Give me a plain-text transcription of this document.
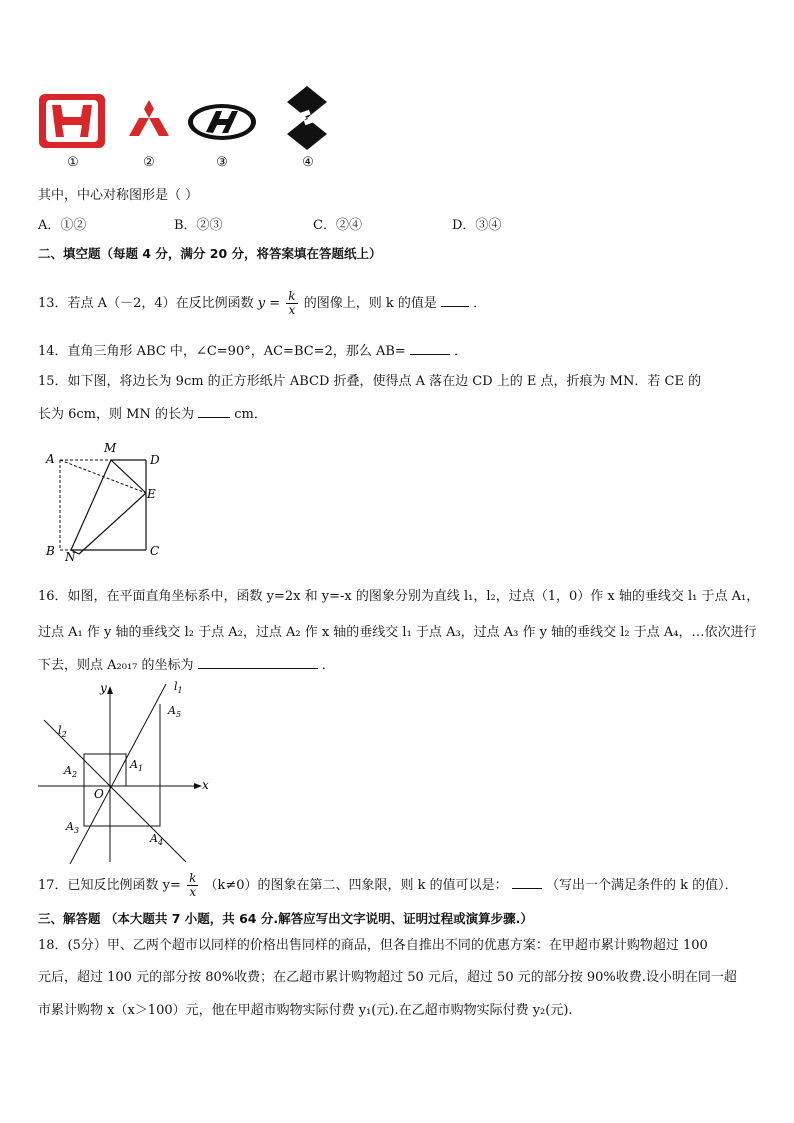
①	②	③	④
其中，中心对称图形是（ ）
A．①②	B．②③	C．②④	D．③④
二、填空题（每题 4 分，满分 20 分，将答案填在答题纸上）
13．若点 A（－2，4）在反比例函数 $y = \frac{k}{x}$ 的图像上，则 k 的值是	．
14．直角三角形 ABC 中，∠C=90°，AC=BC=2，那么 AB=	．
15．如下图，将边长为 9cm 的正方形纸片 ABCD 折叠，使得点 A 落在边 CD 上的 E 点，折痕为 MN．若 CE 的
长为 6cm，则 MN 的长为	cm．
A
M
D
E
B N	C
16．如图，在平面直角坐标系中，函数 y=2x 和 y=-x 的图象分别为直线 l₁，l₂，过点（1，0）作 x 轴的垂线交 l₁ 于点 A₁，
过点 A₁ 作 y 轴的垂线交 l₂ 于点 A₂，过点 A₂ 作 x 轴的垂线交 l₁ 于点 A₃，过点 A₃ 作 y 轴的垂线交 l₂ 于点 A₄，…依次进行
下去，则点 A₂₀₁₇ 的坐标为	．
y	$l_1$
$A_5$
$l_2$
$A_2$
$A_1$
O
x
$A_3$
$A_4$
17．已知反比例函数 $y= \frac{k}{x} (k\ne 0)$的图象在第二、四象限，则 k 的值可以是：	（写出一个满足条件的 k 的值）．
三、解答题 （本大题共 7 小题，共 64 分.解答应写出文字说明、证明过程或演算步骤.）
18．(5分）甲、乙两个超市以同样的价格出售同样的商品，但各自推出不同的优惠方案：在甲超市累计购物超过 100
元后，超过 100 元的部分按 80%收费；在乙超市累计购物超过 50 元后，超过 50 元的部分按 90%收费.设小明在同一超
市累计购物 x（x＞100）元，他在甲超市购物实际付费 y₁(元).在乙超市购物实际付费 y₂(元).
